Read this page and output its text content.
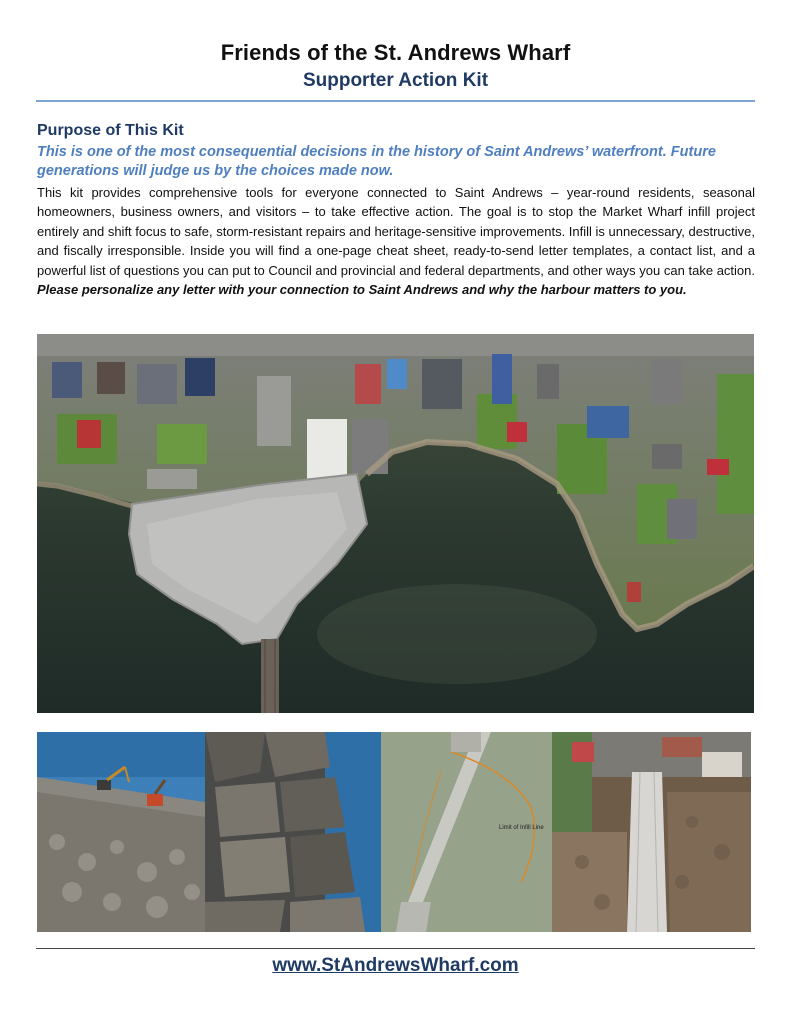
Friends of the St. Andrews Wharf
Supporter Action Kit
Purpose of This Kit
This is one of the most consequential decisions in the history of Saint Andrews’ waterfront. Future generations will judge us by the choices made now.
This kit provides comprehensive tools for everyone connected to Saint Andrews – year-round residents, seasonal homeowners, business owners, and visitors – to take effective action. The goal is to stop the Market Wharf infill project entirely and shift focus to safe, storm-resistant repairs and heritage-sensitive improvements. Infill is unnecessary, destructive, and fiscally irresponsible. Inside you will find a one-page cheat sheet, ready-to-send letter templates, a contact list, and a powerful list of questions you can put to Council and provincial and federal departments, and other ways you can take action. Please personalize any letter with your connection to Saint Andrews and why the harbour matters to you.
Limit of Infill Line
www.StAndrewsWharf.com
